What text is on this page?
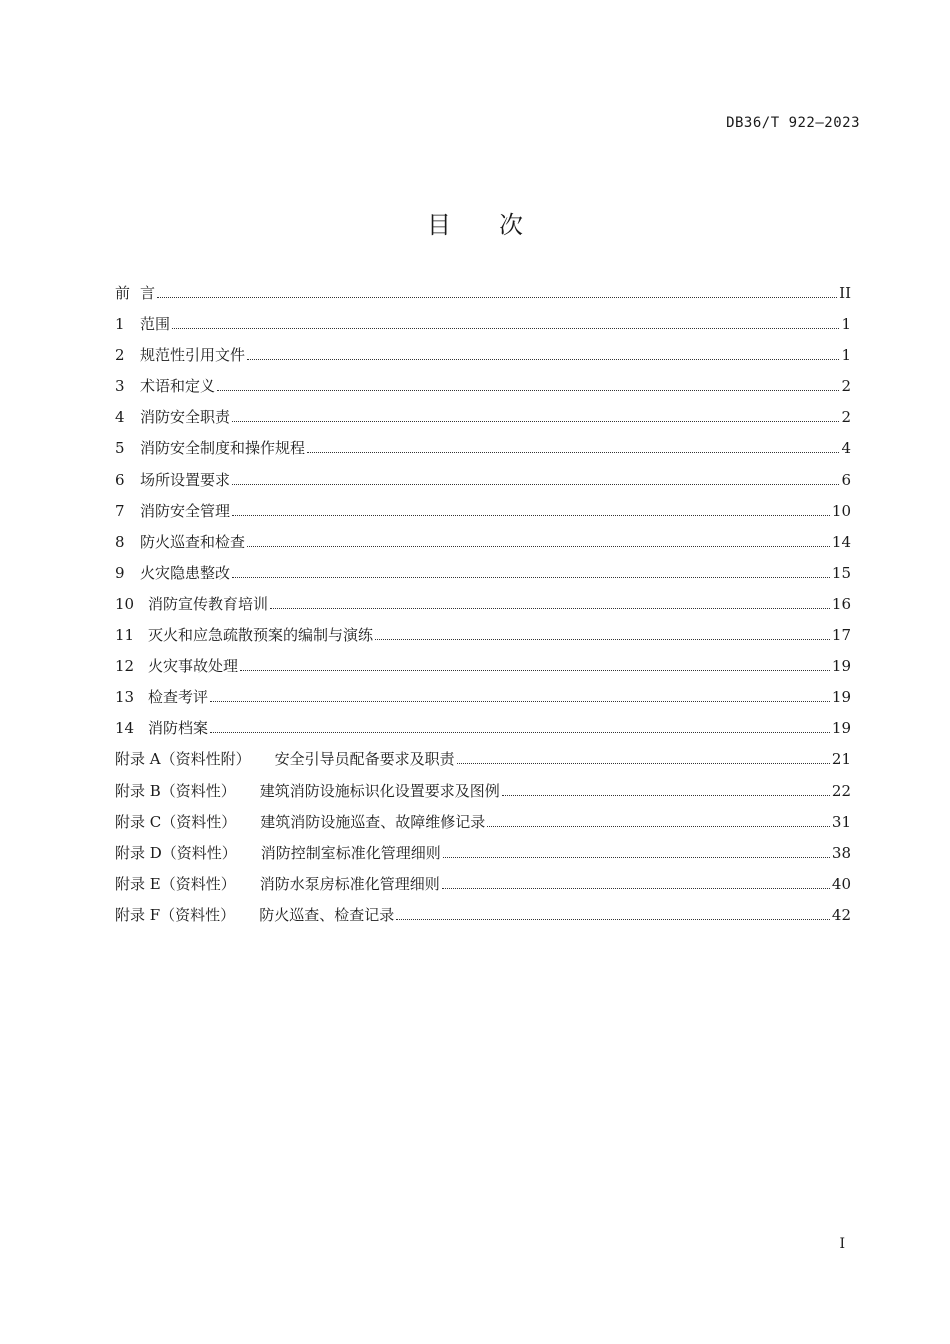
DB36/T 922—2023
目 次
前 言	II
1	范围	1
2	规范性引用文件	1
3	术语和定义	2
4	消防安全职责	2
5	消防安全制度和操作规程	4
6	场所设置要求	6
7	消防安全管理	10
8	防火巡查和检查	14
9	火灾隐患整改	15
10 消防宣传教育培训	16
11 灭火和应急疏散预案的编制与演练	17
12 火灾事故处理	19
13 检查考评	19
14 消防档案	19
附录 A（资料性附） 安全引导员配备要求及职责	21
附录 B（资料性） 建筑消防设施标识化设置要求及图例	22
附录 C（资料性） 建筑消防设施巡查、故障维修记录	31
附录 D（资料性） 消防控制室标准化管理细则	38
附录 E（资料性） 消防水泵房标准化管理细则	40
附录 F（资料性） 防火巡查、检查记录	42
I
